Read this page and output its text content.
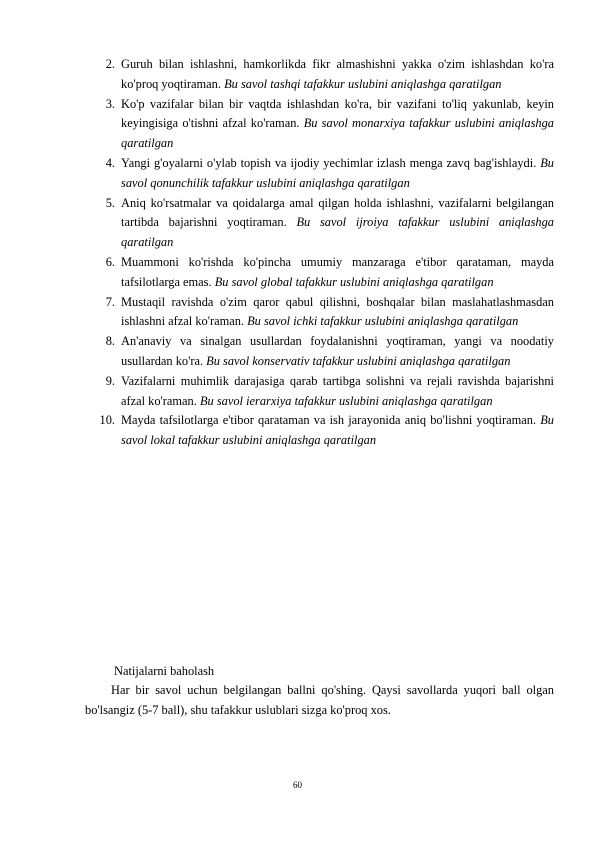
2. Guruh bilan ishlashni, hamkorlikda fikr almashishni yakka o'zim ishlashdan ko'ra ko'proq yoqtiraman. Bu savol tashqi tafakkur uslubini aniqlashga qaratilgan
3. Ko'p vazifalar bilan bir vaqtda ishlashdan ko'ra, bir vazifani to'liq yakunlab, keyin keyingisiga o'tishni afzal ko'raman. Bu savol monarxiya tafakkur uslubini aniqlashga qaratilgan
4. Yangi g'oyalarni o'ylab topish va ijodiy yechimlar izlash menga zavq bag'ishlaydi. Bu savol qonunchilik tafakkur uslubini aniqlashga qaratilgan
5. Aniq ko'rsatmalar va qoidalarga amal qilgan holda ishlashni, vazifalarni belgilangan tartibda bajarishni yoqtiraman. Bu savol ijroiya tafakkur uslubini aniqlashga qaratilgan
6. Muammoni ko'rishda ko'pincha umumiy manzaraga e'tibor qarataman, mayda tafsilotlarga emas. Bu savol global tafakkur uslubini aniqlashga qaratilgan
7. Mustaqil ravishda o'zim qaror qabul qilishni, boshqalar bilan maslahatlashmasdan ishlashni afzal ko'raman. Bu savol ichki tafakkur uslubini aniqlashga qaratilgan
8. An'anaviy va sinalgan usullardan foydalanishni yoqtiraman, yangi va noodatiy usullardan ko'ra. Bu savol konservativ tafakkur uslubini aniqlashga qaratilgan
9. Vazifalarni muhimlik darajasiga qarab tartibga solishni va rejali ravishda bajarishni afzal ko'raman. Bu savol ierarxiya tafakkur uslubini aniqlashga qaratilgan
10. Mayda tafsilotlarga e'tibor qarataman va ish jarayonida aniq bo'lishni yoqtiraman. Bu savol lokal tafakkur uslubini aniqlashga qaratilgan
Natijalarni baholash
Har bir savol uchun belgilangan ballni qo'shing. Qaysi savollarda yuqori ball olgan bo'lsangiz (5-7 ball), shu tafakkur uslublari sizga ko'proq xos.
60
